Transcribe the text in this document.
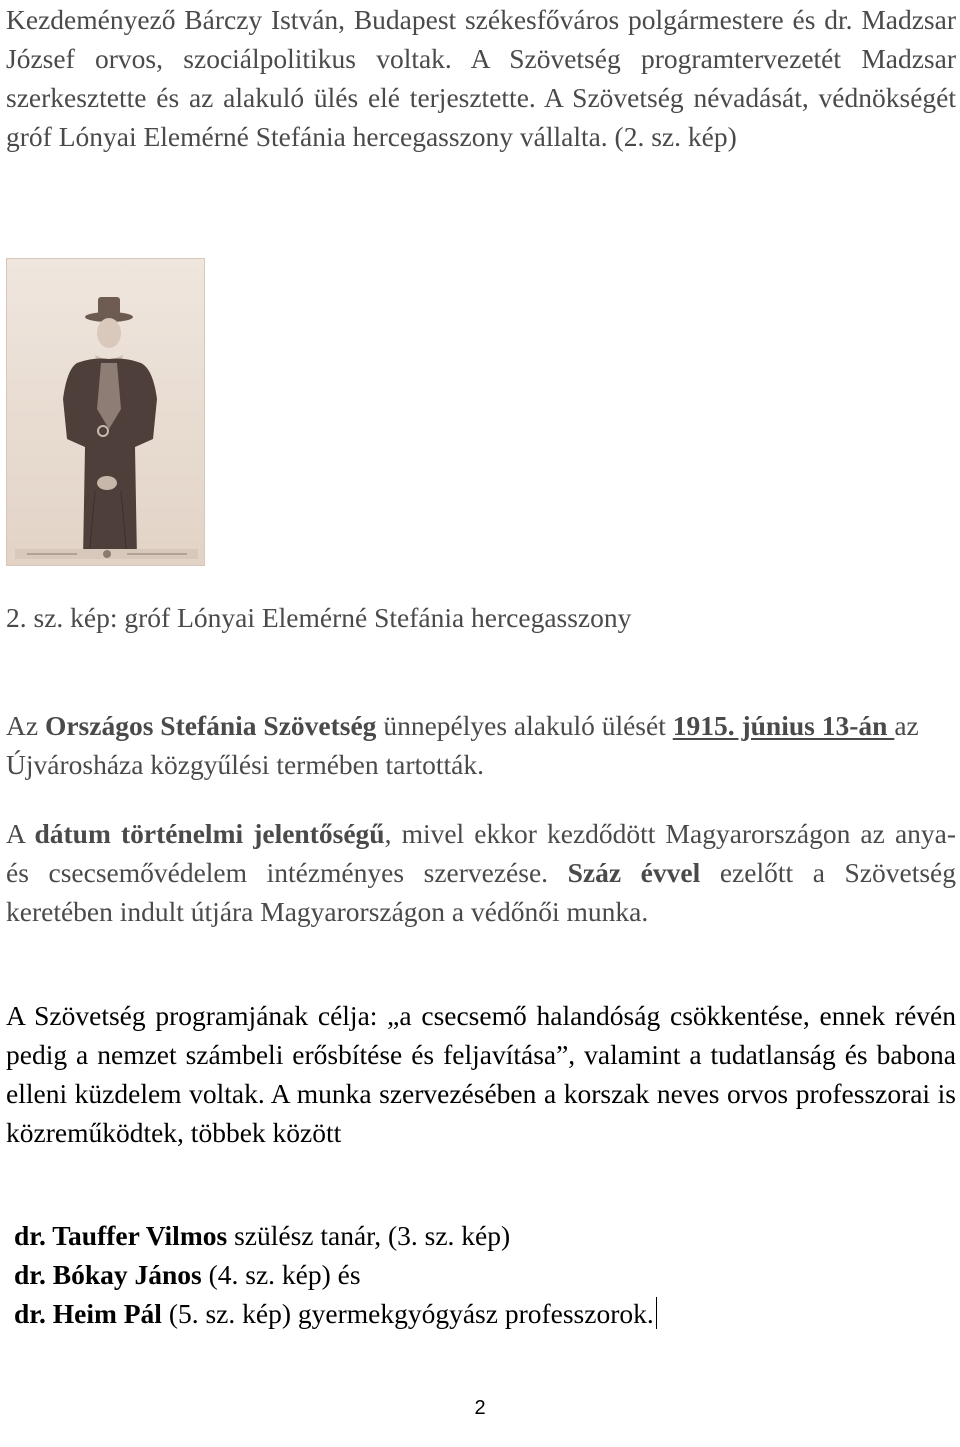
Kezdeményező Bárczy István, Budapest székesfőváros polgármestere és dr. Madzsar József orvos, szociálpolitikus voltak. A Szövetség programtervezetét Madzsar szerkesztette és az alakuló ülés elé terjesztette. A Szövetség névadását, védnökségét gróf Lónyai Elemérné Stefánia hercegasszony vállalta. (2. sz. kép)

2. sz. kép: gróf Lónyai Elemérné Stefánia hercegasszony

Az Országos Stefánia Szövetség ünnepélyes alakuló ülését 1915. június 13-án az Újvárosháza közgyűlési termében tartották.

A dátum történelmi jelentőségű, mivel ekkor kezdődött Magyarországon az anya- és csecsemővédelem intézményes szervezése. Száz évvel ezelőtt a Szövetség keretében indult útjára Magyarországon a védőnői munka.

A Szövetség programjának célja: „a csecsemő halandóság csökkentése, ennek révén pedig a nemzet számbeli erősbítése és feljavítása”, valamint a tudatlanság és babona elleni küzdelem voltak. A munka szervezésében a korszak neves orvos professzorai is közreműködtek, többek között

dr. Tauffer Vilmos szülész tanár, (3. sz. kép)
dr. Bókay János (4. sz. kép) és
dr. Heim Pál (5. sz. kép) gyermekgyógyász professzorok.
2
